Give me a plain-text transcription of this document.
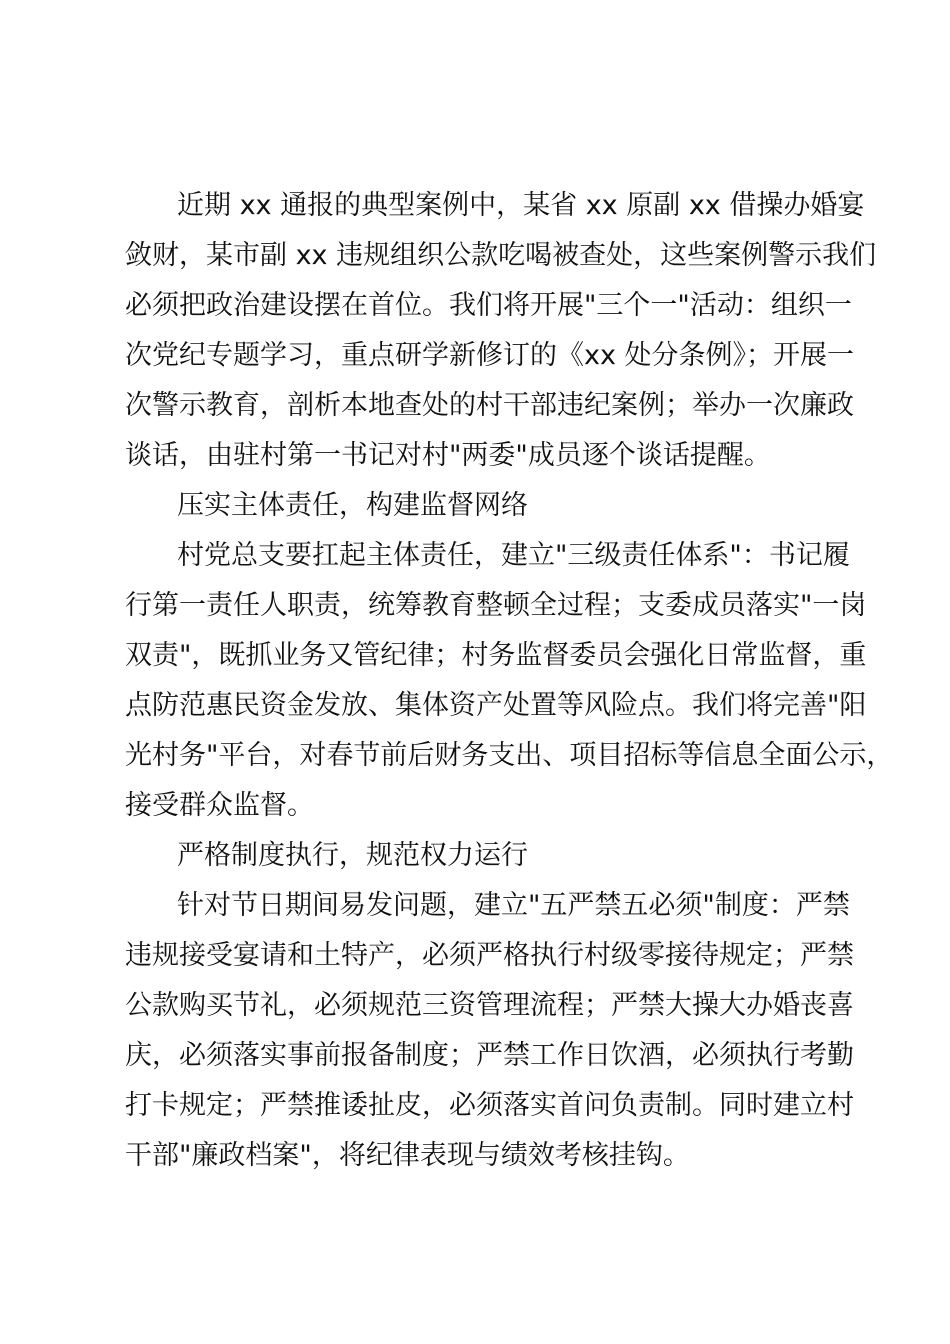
近期 xx 通报的典型案例中，某省 xx 原副 xx 借操办婚宴
敛财，某市副 xx 违规组织公款吃喝被查处，这些案例警示我们
必须把政治建设摆在首位。我们将开展"三个一"活动：组织一
次党纪专题学习，重点研学新修订的《xx 处分条例》；开展一
次警示教育，剖析本地查处的村干部违纪案例；举办一次廉政
谈话，由驻村第一书记对村"两委"成员逐个谈话提醒。
压实主体责任，构建监督网络
村党总支要扛起主体责任，建立"三级责任体系"：书记履
行第一责任人职责，统筹教育整顿全过程；支委成员落实"一岗
双责"，既抓业务又管纪律；村务监督委员会强化日常监督，重
点防范惠民资金发放、集体资产处置等风险点。我们将完善"阳
光村务"平台，对春节前后财务支出、项目招标等信息全面公示，
接受群众监督。
严格制度执行，规范权力运行
针对节日期间易发问题，建立"五严禁五必须"制度：严禁
违规接受宴请和土特产，必须严格执行村级零接待规定；严禁
公款购买节礼，必须规范三资管理流程；严禁大操大办婚丧喜
庆，必须落实事前报备制度；严禁工作日饮酒，必须执行考勤
打卡规定；严禁推诿扯皮，必须落实首问负责制。同时建立村
干部"廉政档案"，将纪律表现与绩效考核挂钩。
